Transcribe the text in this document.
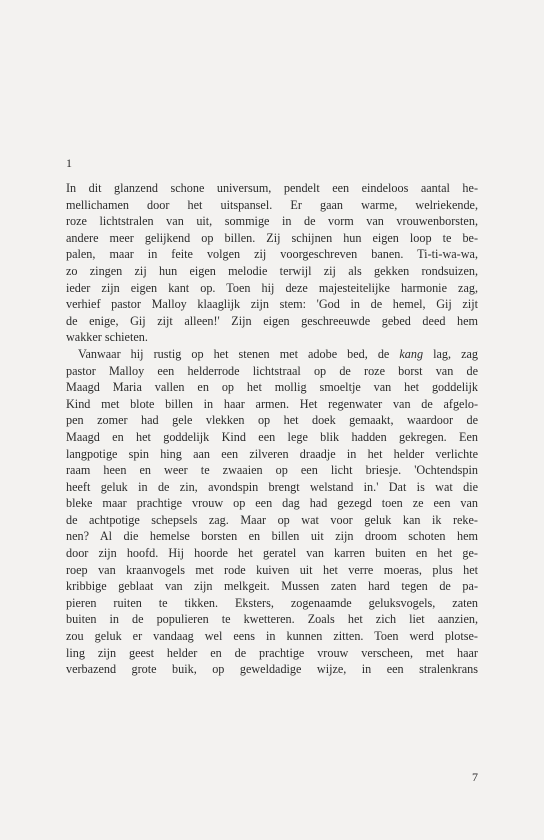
1

In dit glanzend schone universum, pendelt een eindeloos aantal he-
mellichamen door het uitspansel. Er gaan warme, welriekende,
roze lichtstralen van uit, sommige in de vorm van vrouwenborsten,
andere meer gelijkend op billen. Zij schijnen hun eigen loop te be-
palen, maar in feite volgen zij voorgeschreven banen. Ti-ti-wa-wa,
zo zingen zij hun eigen melodie terwijl zij als gekken rondsuizen,
ieder zijn eigen kant op. Toen hij deze majesteitelijke harmonie zag,
verhief pastor Malloy klaaglijk zijn stem: 'God in de hemel, Gij zijt
de enige, Gij zijt alleen!' Zijn eigen geschreeuwde gebed deed hem
wakker schieten.
Vanwaar hij rustig op het stenen met adobe bed, de kang lag, zag
pastor Malloy een helderrode lichtstraal op de roze borst van de
Maagd Maria vallen en op het mollig smoeltje van het goddelijk
Kind met blote billen in haar armen. Het regenwater van de afgelo-
pen zomer had gele vlekken op het doek gemaakt, waardoor de
Maagd en het goddelijk Kind een lege blik hadden gekregen. Een
langpotige spin hing aan een zilveren draadje in het helder verlichte
raam heen en weer te zwaaien op een licht briesje. 'Ochtendspin
heeft geluk in de zin, avondspin brengt welstand in.' Dat is wat die
bleke maar prachtige vrouw op een dag had gezegd toen ze een van
de achtpotige schepsels zag. Maar op wat voor geluk kan ik reke-
nen? Al die hemelse borsten en billen uit zijn droom schoten hem
door zijn hoofd. Hij hoorde het geratel van karren buiten en het ge-
roep van kraanvogels met rode kuiven uit het verre moeras, plus het
kribbige geblaat van zijn melkgeit. Mussen zaten hard tegen de pa-
pieren ruiten te tikken. Eksters, zogenaamde geluksvogels, zaten
buiten in de populieren te kwetteren. Zoals het zich liet aanzien,
zou geluk er vandaag wel eens in kunnen zitten. Toen werd plotse-
ling zijn geest helder en de prachtige vrouw verscheen, met haar
verbazend grote buik, op geweldadige wijze, in een stralenkrans
7
